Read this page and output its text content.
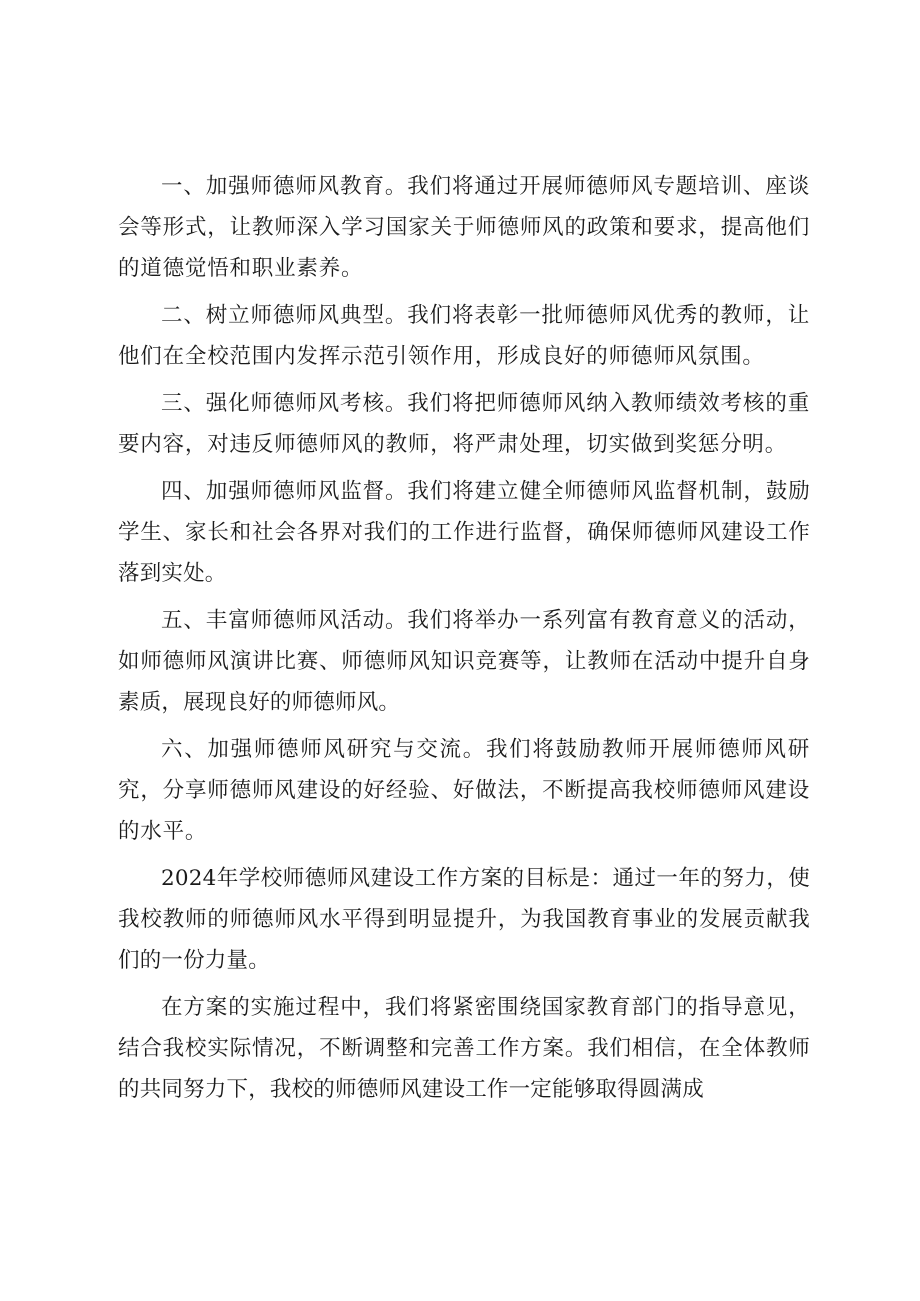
一、加强师德师风教育。我们将通过开展师德师风专题培训、座谈会等形式，让教师深入学习国家关于师德师风的政策和要求，提高他们的道德觉悟和职业素养。

二、树立师德师风典型。我们将表彰一批师德师风优秀的教师，让他们在全校范围内发挥示范引领作用，形成良好的师德师风氛围。

三、强化师德师风考核。我们将把师德师风纳入教师绩效考核的重要内容，对违反师德师风的教师，将严肃处理，切实做到奖惩分明。

四、加强师德师风监督。我们将建立健全师德师风监督机制，鼓励学生、家长和社会各界对我们的工作进行监督，确保师德师风建设工作落到实处。

五、丰富师德师风活动。我们将举办一系列富有教育意义的活动，如师德师风演讲比赛、师德师风知识竞赛等，让教师在活动中提升自身素质，展现良好的师德师风。

六、加强师德师风研究与交流。我们将鼓励教师开展师德师风研究，分享师德师风建设的好经验、好做法，不断提高我校师德师风建设的水平。

2024年学校师德师风建设工作方案的目标是：通过一年的努力，使我校教师的师德师风水平得到明显提升，为我国教育事业的发展贡献我们的一份力量。

在方案的实施过程中，我们将紧密围绕国家教育部门的指导意见，结合我校实际情况，不断调整和完善工作方案。我们相信，在全体教师的共同努力下，我校的师德师风建设工作一定能够取得圆满成
